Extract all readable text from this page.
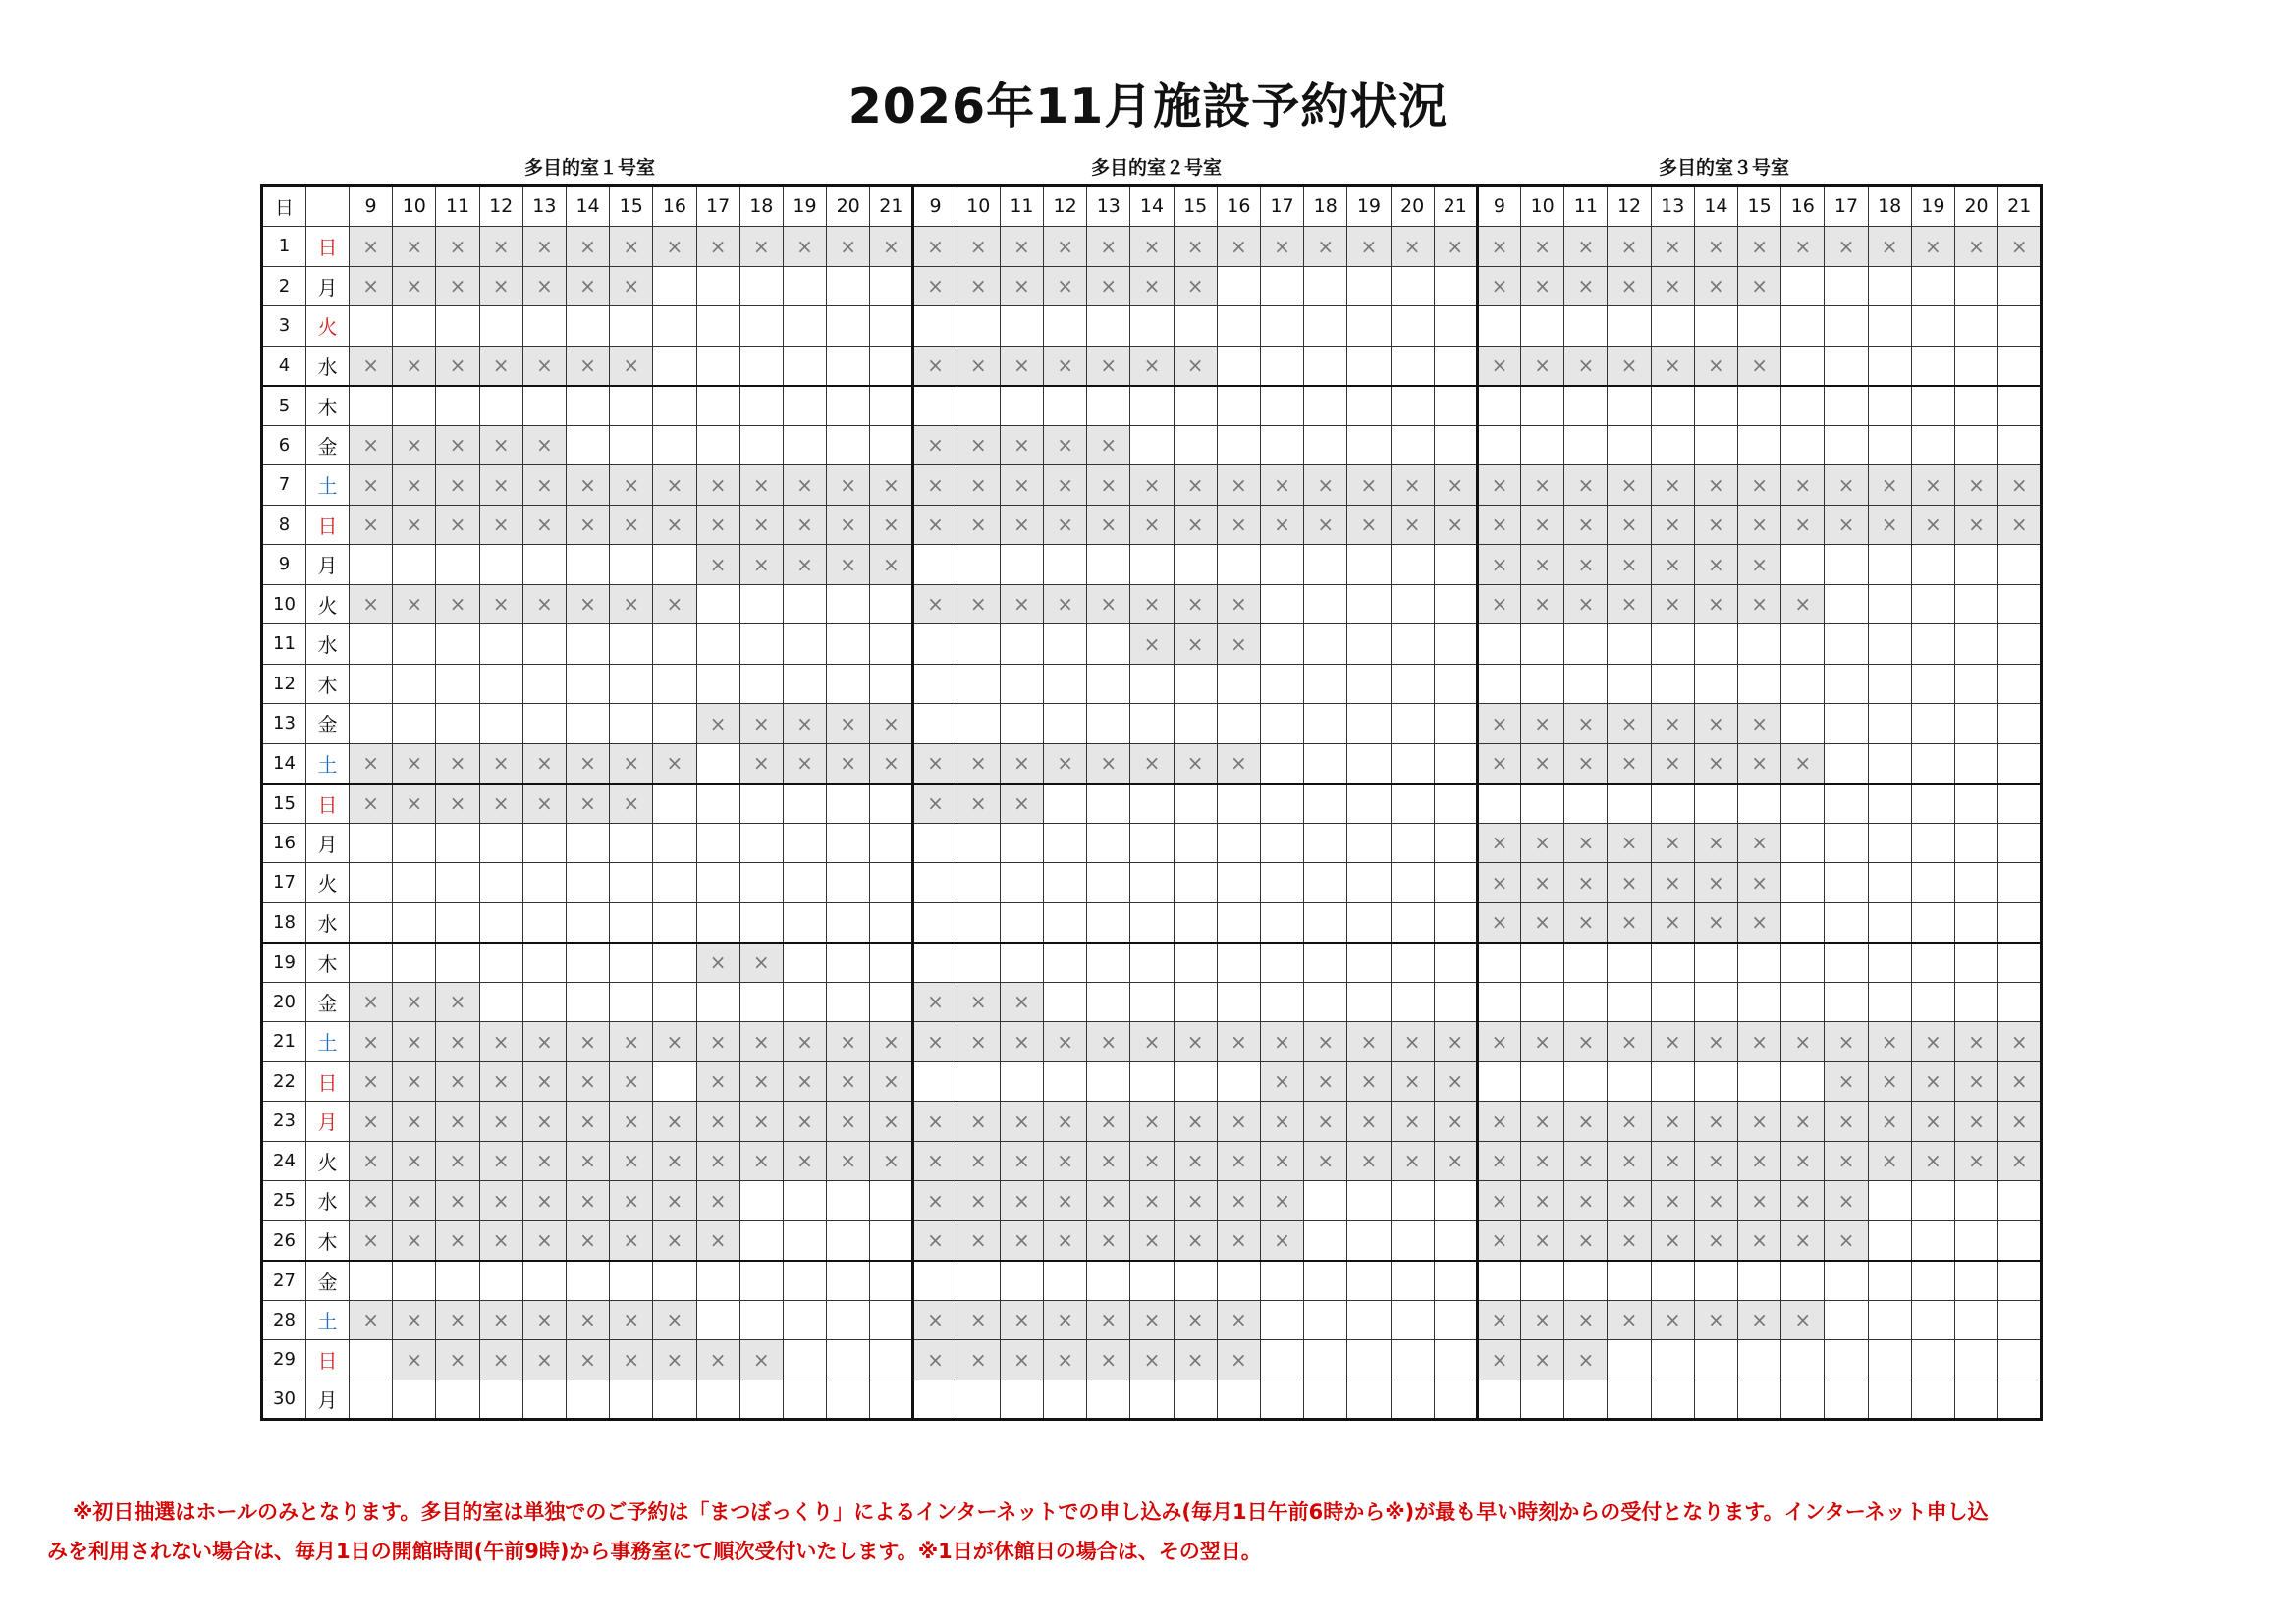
2026年11月施設予約状況
多目的室１号室	多目的室２号室	多目的室３号室
日		9	10	11	12	13	14	15	16	17	18	19	20	21	9	10	11	12	13	14	15	16	17	18	19	20	21	9	10	11	12	13	14	15	16	17	18	19	20	21
1	日	×	×	×	×	×	×	×	×	×	×	×	×	×	×	×	×	×	×	×	×	×	×	×	×	×	×	×	×	×	×	×	×	×	×	×	×	×	×	×
2	月	×	×	×	×	×	×	×							×	×	×	×	×	×	×							×	×	×	×	×	×	×						
3	火																																							
4	水	×	×	×	×	×	×	×							×	×	×	×	×	×	×							×	×	×	×	×	×	×						
5	木																																							
6	金	×	×	×	×	×									×	×	×	×	×																					
7	土	×	×	×	×	×	×	×	×	×	×	×	×	×	×	×	×	×	×	×	×	×	×	×	×	×	×	×	×	×	×	×	×	×	×	×	×	×	×	×
8	日	×	×	×	×	×	×	×	×	×	×	×	×	×	×	×	×	×	×	×	×	×	×	×	×	×	×	×	×	×	×	×	×	×	×	×	×	×	×	×
9	月									×	×	×	×	×														×	×	×	×	×	×	×						
10	火	×	×	×	×	×	×	×	×						×	×	×	×	×	×	×	×						×	×	×	×	×	×	×	×					
11	水																			×	×	×																		
12	木																																							
13	金									×	×	×	×	×														×	×	×	×	×	×	×						
14	土	×	×	×	×	×	×	×	×		×	×	×	×	×	×	×	×	×	×	×	×						×	×	×	×	×	×	×	×					
15	日	×	×	×	×	×	×	×							×	×	×																							
16	月																											×	×	×	×	×	×	×						
17	火																											×	×	×	×	×	×	×						
18	水																											×	×	×	×	×	×	×						
19	木									×	×																													
20	金	×	×	×											×	×	×																							
21	土	×	×	×	×	×	×	×	×	×	×	×	×	×	×	×	×	×	×	×	×	×	×	×	×	×	×	×	×	×	×	×	×	×	×	×	×	×	×	×
22	日	×	×	×	×	×	×	×		×	×	×	×	×									×	×	×	×	×									×	×	×	×	×
23	月	×	×	×	×	×	×	×	×	×	×	×	×	×	×	×	×	×	×	×	×	×	×	×	×	×	×	×	×	×	×	×	×	×	×	×	×	×	×	×
24	火	×	×	×	×	×	×	×	×	×	×	×	×	×	×	×	×	×	×	×	×	×	×	×	×	×	×	×	×	×	×	×	×	×	×	×	×	×	×	×
25	水	×	×	×	×	×	×	×	×	×					×	×	×	×	×	×	×	×	×					×	×	×	×	×	×	×	×	×				
26	木	×	×	×	×	×	×	×	×	×					×	×	×	×	×	×	×	×	×					×	×	×	×	×	×	×	×	×				
27	金																																							
28	土	×	×	×	×	×	×	×	×						×	×	×	×	×	×	×	×						×	×	×	×	×	×	×	×					
29	日		×	×	×	×	×	×	×	×	×				×	×	×	×	×	×	×	×						×	×	×										
30	月																																							
※初日抽選はホールのみとなります。多目的室は単独でのご予約は「まつぼっくり」によるインターネットでの申し込み(毎月1日午前6時から※)が最も早い時刻からの受付となります。インターネット申し込
みを利用されない場合は、毎月1日の開館時間(午前9時)から事務室にて順次受付いたします。※1日が休館日の場合は、その翌日。
